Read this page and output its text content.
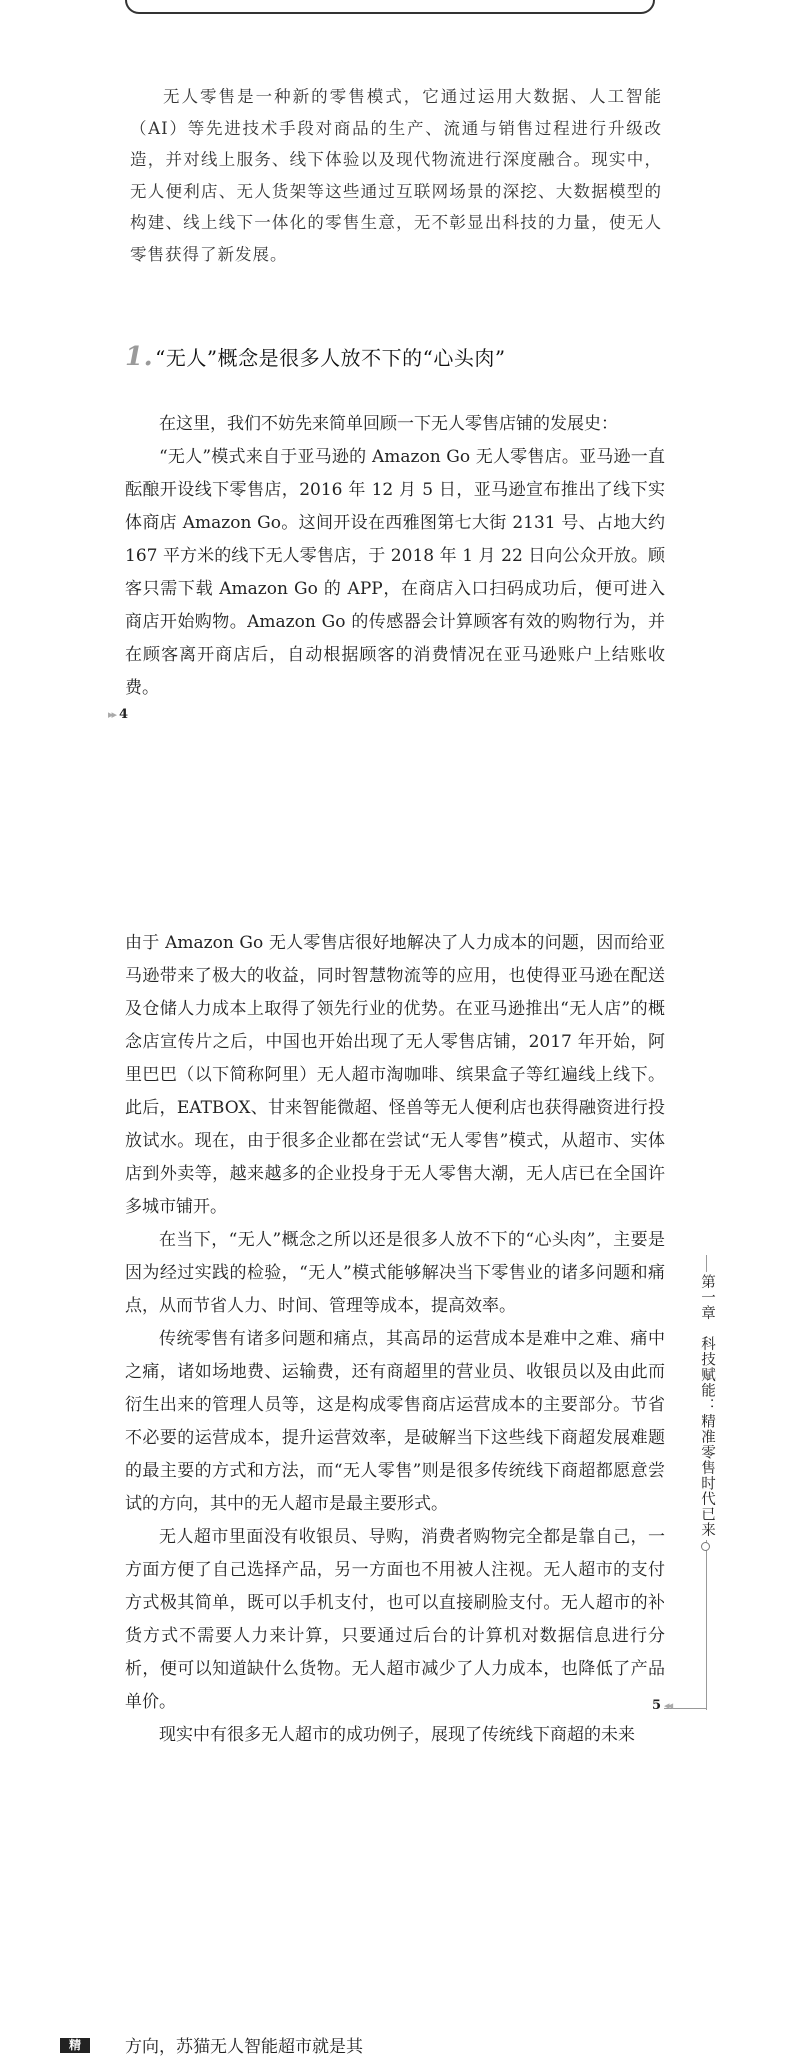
无人零售是一种新的零售模式，它通过运用大数据、人工智能（AI）等先进技术手段对商品的生产、流通与销售过程进行升级改造，并对线上服务、线下体验以及现代物流进行深度融合。现实中，无人便利店、无人货架等这些通过互联网场景的深挖、大数据模型的构建、线上线下一体化的零售生意，无不彰显出科技的力量，使无人零售获得了新发展。

1. “无人”概念是很多人放不下的“心头肉”

在这里，我们不妨先来简单回顾一下无人零售店铺的发展史：

“无人”模式来自于亚马逊的 Amazon Go 无人零售店。亚马逊一直酝酿开设线下零售店，2016 年 12 月 5 日，亚马逊宣布推出了线下实体商店 Amazon Go。这间开设在西雅图第七大街 2131 号、占地大约 167 平方米的线下无人零售店，于 2018 年 1 月 22 日向公众开放。顾客只需下载 Amazon Go 的 APP，在商店入口扫码成功后，便可进入商店开始购物。Amazon Go 的传感器会计算顾客有效的购物行为，并在顾客离开商店后，自动根据顾客的消费情况在亚马逊账户上结账收费。

▸▸ 4

由于 Amazon Go 无人零售店很好地解决了人力成本的问题，因而给亚马逊带来了极大的收益，同时智慧物流等的应用，也使得亚马逊在配送及仓储人力成本上取得了领先行业的优势。在亚马逊推出“无人店”的概念店宣传片之后，中国也开始出现了无人零售店铺，2017 年开始，阿里巴巴（以下简称阿里）无人超市淘咖啡、缤果盒子等红遍线上线下。此后，EATBOX、甘来智能微超、怪兽等无人便利店也获得融资进行投放试水。现在，由于很多企业都在尝试“无人零售”模式，从超市、实体店到外卖等，越来越多的企业投身于无人零售大潮，无人店已在全国许多城市铺开。

在当下，“无人”概念之所以还是很多人放不下的“心头肉”，主要是因为经过实践的检验，“无人”模式能够解决当下零售业的诸多问题和痛点，从而节省人力、时间、管理等成本，提高效率。

传统零售有诸多问题和痛点，其高昂的运营成本是难中之难、痛中之痛，诸如场地费、运输费，还有商超里的营业员、收银员以及由此而衍生出来的管理人员等，这是构成零售商店运营成本的主要部分。节省不必要的运营成本，提升运营效率，是破解当下这些线下商超发展难题的最主要的方式和方法，而“无人零售”则是很多传统线下商超都愿意尝试的方向，其中的无人超市是最主要形式。

无人超市里面没有收银员、导购，消费者购物完全都是靠自己，一方面方便了自己选择产品，另一方面也不用被人注视。无人超市的支付方式极其简单，既可以手机支付，也可以直接刷脸支付。无人超市的补货方式不需要人力来计算，只要通过后台的计算机对数据信息进行分析，便可以知道缺什么货物。无人超市减少了人力成本，也降低了产品单价。

现实中有很多无人超市的成功例子，展现了传统线下商超的未来

第一章　科技赋能：精准零售时代已来
5 ◂◂
精	方向，苏猫无人智能超市就是其
